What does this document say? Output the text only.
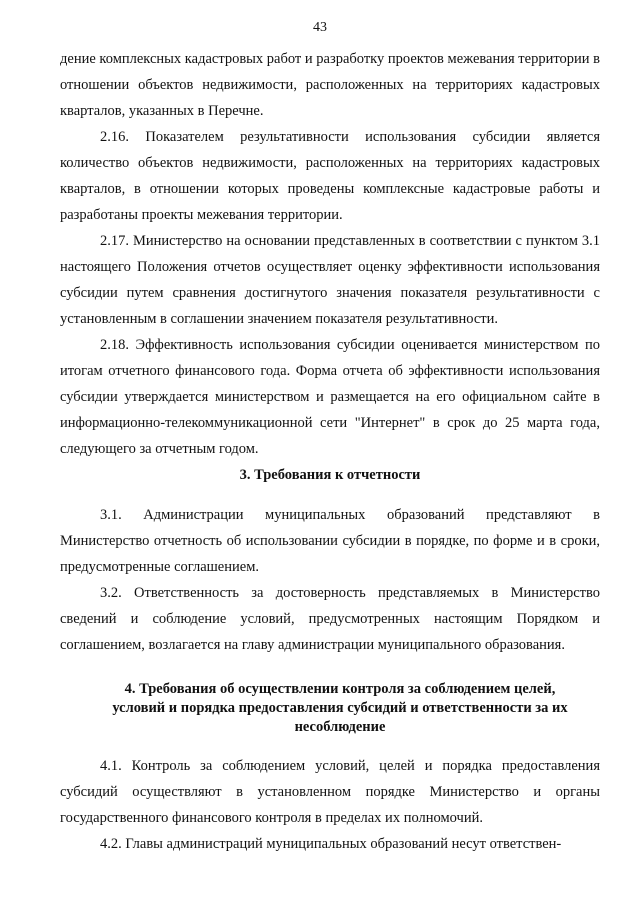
43

дение комплексных кадастровых работ и разработку проектов межевания территории в отношении объектов недвижимости, расположенных на территориях кадастровых кварталов, указанных в Перечне.

2.16. Показателем результативности использования субсидии является количество объектов недвижимости, расположенных на территориях кадастровых кварталов, в отношении которых проведены комплексные кадастровые работы и разработаны проекты межевания территории.

2.17. Министерство на основании представленных в соответствии с пунктом 3.1 настоящего Положения отчетов осуществляет оценку эффективности использования субсидии путем сравнения достигнутого значения показателя результативности с установленным в соглашении значением показателя результативности.

2.18. Эффективность использования субсидии оценивается министерством по итогам отчетного финансового года. Форма отчета об эффективности использования субсидии утверждается министерством и размещается на его официальном сайте в информационно-телекоммуникационной сети "Интернет" в срок до 25 марта года, следующего за отчетным годом.

3. Требования к отчетности

3.1. Администрации муниципальных образований представляют в Министерство отчетность об использовании субсидии в порядке, по форме и в сроки, предусмотренные соглашением.

3.2. Ответственность за достоверность представляемых в Министерство сведений и соблюдение условий, предусмотренных настоящим Порядком и соглашением, возлагается на главу администрации муниципального образования.

4. Требования об осуществлении контроля за соблюдением целей, условий и порядка предоставления субсидий и ответственности за их несоблюдение

4.1. Контроль за соблюдением условий, целей и порядка предоставления субсидий осуществляют в установленном порядке Министерство и органы государственного финансового контроля в пределах их полномочий.

4.2. Главы администраций муниципальных образований несут ответствен-
